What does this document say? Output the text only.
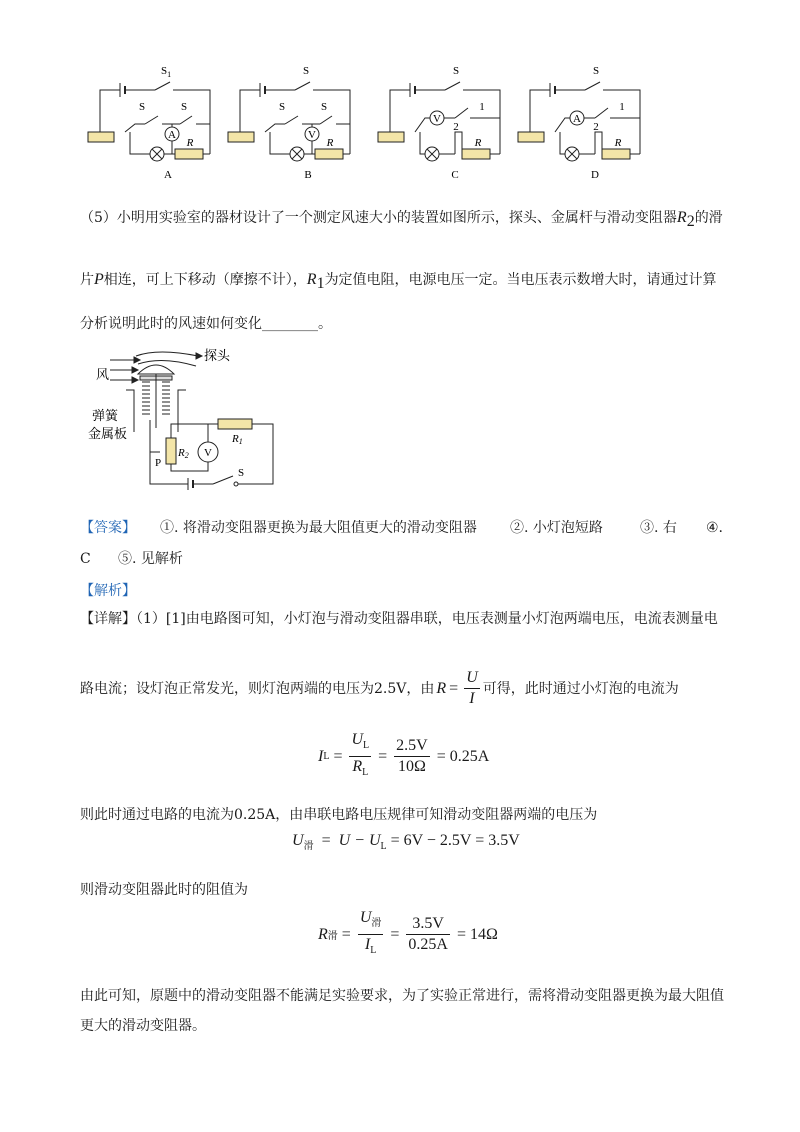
$S_1$
S	S
A
R
A
S
S	S
V
R
B
S
V
1
2
R
C
S
A
1
2
R
D
（5）小明用实验室的器材设计了一个测定风速大小的装置如图所示，探头、金属杆与滑动变阻器$R_2$的滑
片P相连，可上下移动（摩擦不计），$R_1$为定值电阻，电源电压一定。当电压表示数增大时，请通过计算
分析说明此时的风速如何变化________。
风
探头
弹簧
金属板
P
R2 V
R1
S
【答案】 ①. 将滑动变阻器更换为最大阻值更大的滑动变阻器 ②. 小灯泡短路	③. 右 ④.
C ⑤. 见解析
【解析】
【详解】（1）[1]由电路图可知，小灯泡与滑动变阻器串联，电压表测量小灯泡两端电压，电流表测量电
路电流；设灯泡正常发光，则灯泡两端的电压为2.5V，由 $R = \frac{U}{I}$ 可得，此时通过小灯泡的电流为
I $L = \frac{U_L}{R_L} = \frac{2.5V}{10\Omega} = 0.25A$
则此时通过电路的电流为0.25A，由串联电路电压规律可知滑动变阻器两端的电压为
$U_滑 = U - U_L = 6V - 2.5V = 3.5V$
则滑动变阻器此时的阻值为
R 滑 = $\frac{U_滑}{I_L} = \frac{3.5V}{0.25A} = 14\Omega$
由此可知，原题中的滑动变阻器不能满足实验要求，为了实验正常进行，需将滑动变阻器更换为最大阻值
更大的滑动变阻器。
